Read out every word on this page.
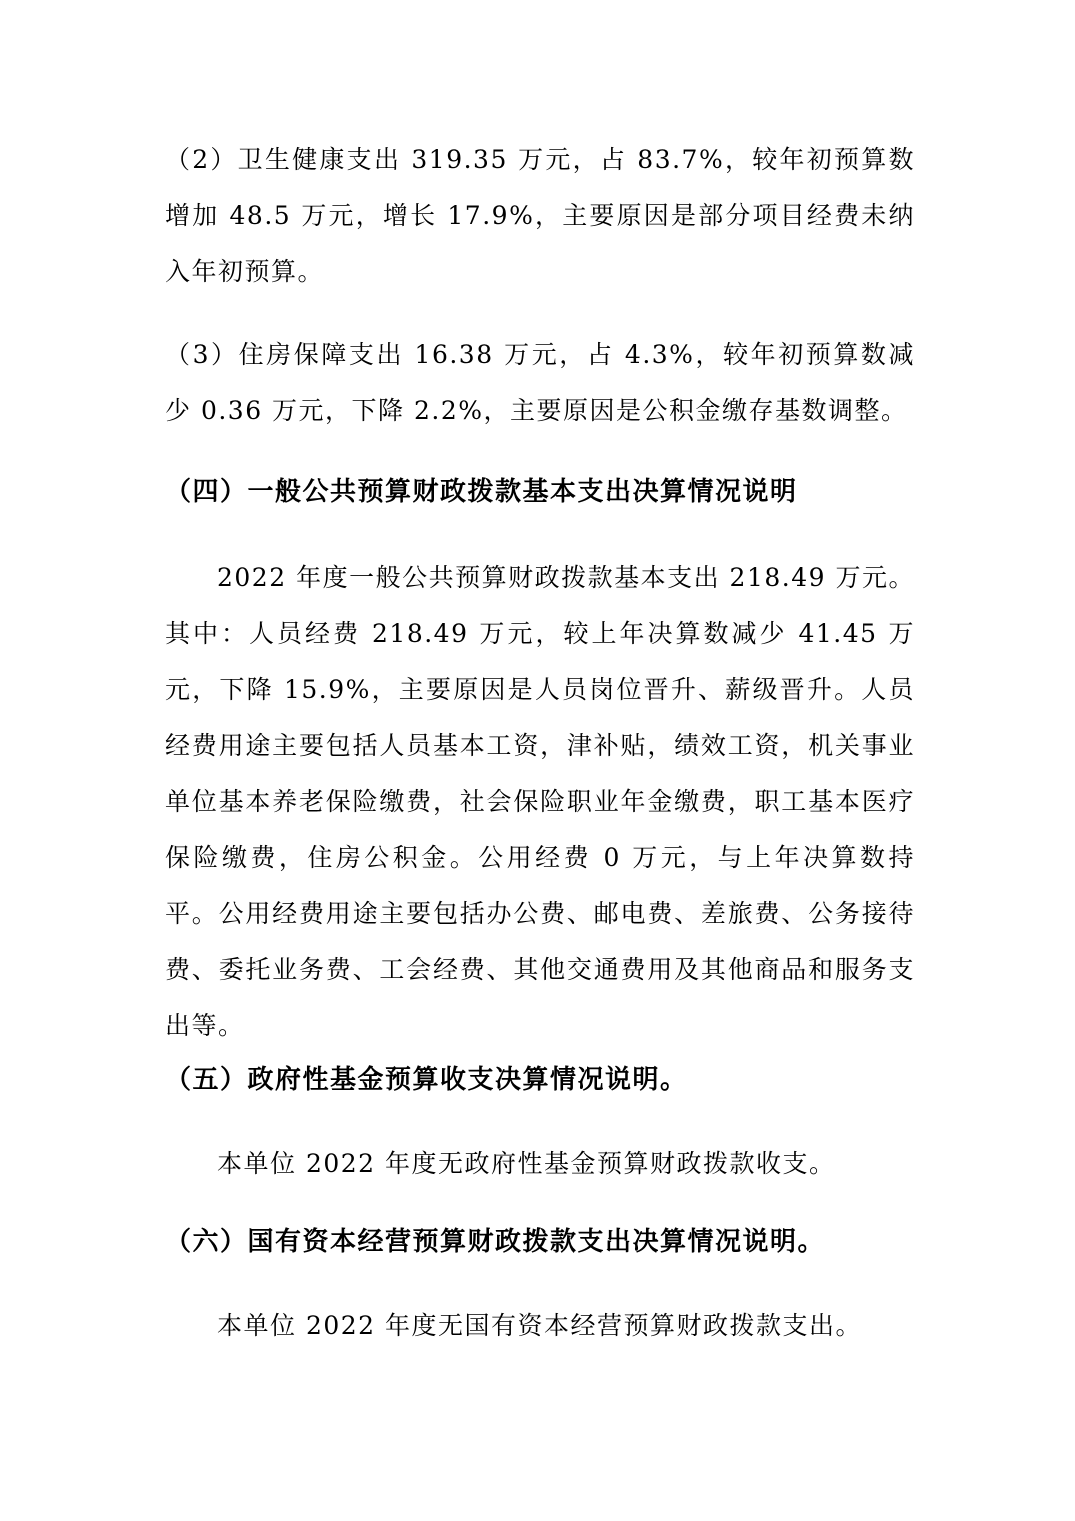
（2）卫生健康支出 319.35 万元，占 83.7%，较年初预算数增加 48.5 万元，增长 17.9%，主要原因是部分项目经费未纳入年初预算。

（3）住房保障支出 16.38 万元，占 4.3%，较年初预算数减少 0.36 万元，下降 2.2%，主要原因是公积金缴存基数调整。

（四）一般公共预算财政拨款基本支出决算情况说明

2022 年度一般公共预算财政拨款基本支出 218.49 万元。其中：人员经费 218.49 万元，较上年决算数减少 41.45 万元，下降 15.9%，主要原因是人员岗位晋升、薪级晋升。人员经费用途主要包括人员基本工资，津补贴，绩效工资，机关事业单位基本养老保险缴费，社会保险职业年金缴费，职工基本医疗保险缴费，住房公积金。公用经费 0 万元，与上年决算数持平。公用经费用途主要包括办公费、邮电费、差旅费、公务接待费、委托业务费、工会经费、其他交通费用及其他商品和服务支出等。

（五）政府性基金预算收支决算情况说明。

本单位 2022 年度无政府性基金预算财政拨款收支。

（六）国有资本经营预算财政拨款支出决算情况说明。

本单位 2022 年度无国有资本经营预算财政拨款支出。
